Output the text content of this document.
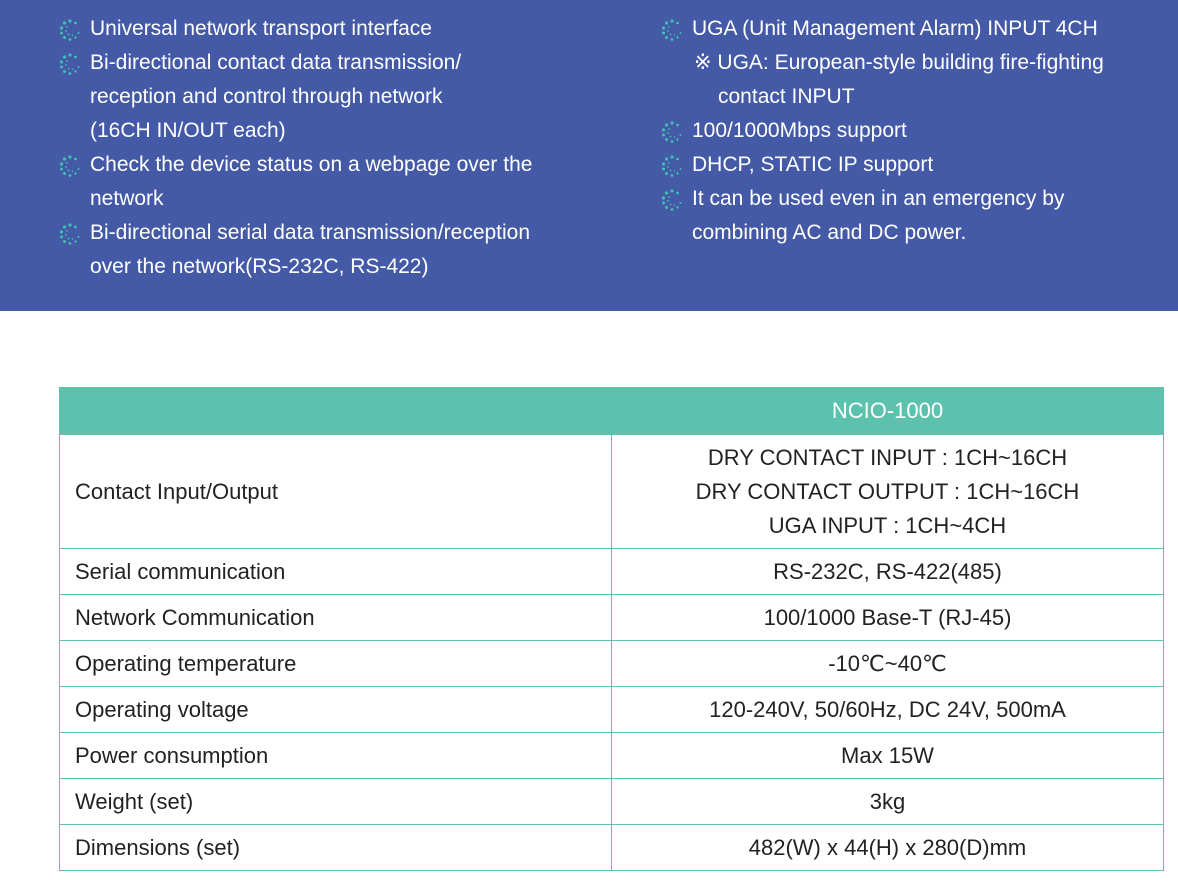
Universal network transport interface

Bi-directional contact data transmission/
reception and control through network
(16CH IN/OUT each)

Check the device status on a webpage over the
network

Bi-directional serial data transmission/reception
over the network(RS-232C, RS-422)

UGA (Unit Management Alarm) INPUT 4CH

※ UGA: European-style building fire-fighting
contact INPUT

100/1000Mbps support

DHCP, STATIC IP support

It can be used even in an emergency by
combining AC and DC power.

	NCIO-1000
Contact Input/Output	DRY CONTACT INPUT : 1CH~16CH
DRY CONTACT OUTPUT : 1CH~16CH
UGA INPUT : 1CH~4CH

Serial communication	RS-232C, RS-422(485)
Network Communication	100/1000 Base-T (RJ-45)
Operating temperature	-10℃~40℃
Operating voltage	120-240V, 50/60Hz, DC 24V, 500mA
Power consumption	Max 15W
Weight (set)	3kg
Dimensions (set)	482(W) x 44(H) x 280(D)mm
